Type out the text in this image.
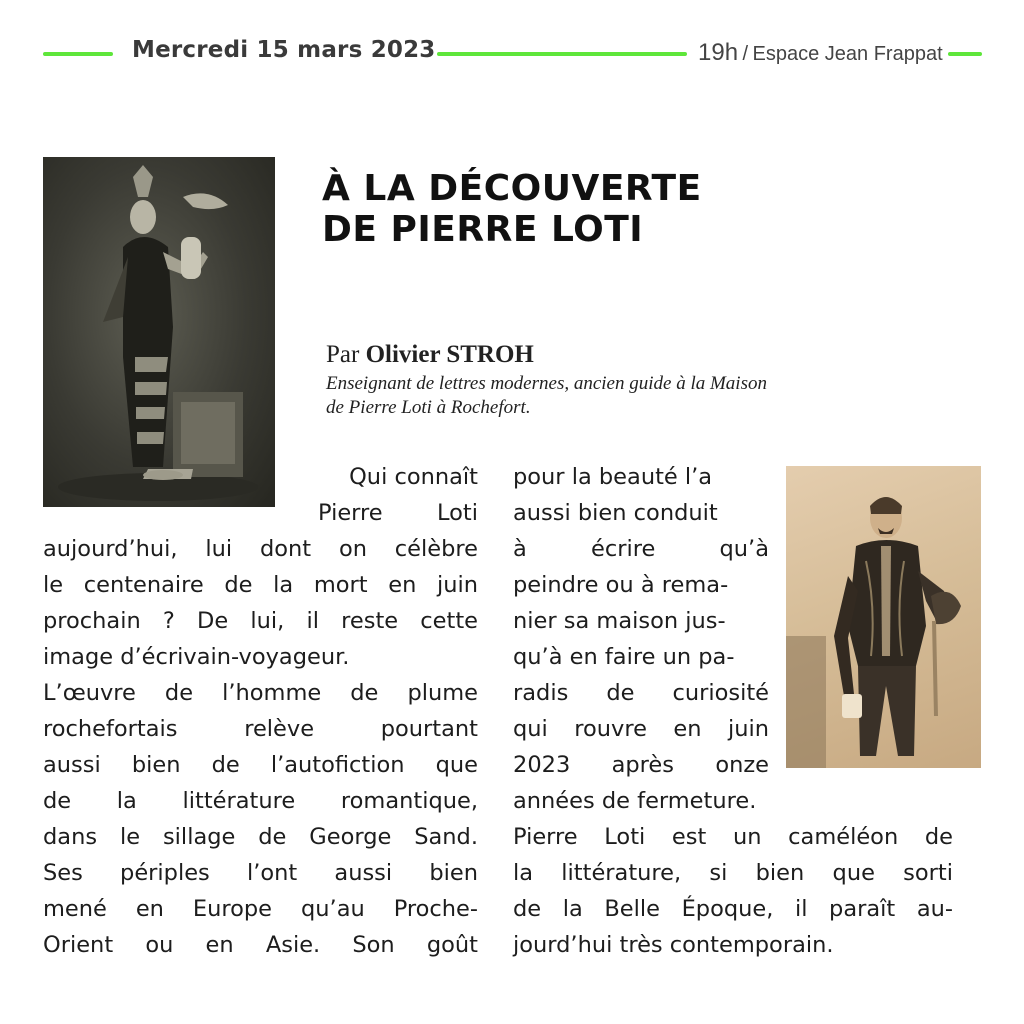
Mercredi 15 mars 2023	19h / Espace Jean Frappat
À LA DÉCOUVERTE
DE PIERRE LOTI
Par Olivier STROH
Enseignant de lettres modernes, ancien guide à la Maison
de Pierre Loti à Rochefort.
Qui connaît
Pierre Loti

aujourd’hui, lui dont on célèbre
le centenaire de la mort en juin
prochain ? De lui, il reste cette
image d’écrivain-voyageur.

L’œuvre de l’homme de plume
rochefortais relève pourtant
aussi bien de l’autofiction que
de la littérature romantique,
dans le sillage de George Sand.
Ses périples l’ont aussi bien
mené en Europe qu’au Proche-
Orient ou en Asie. Son goût

pour la beauté l’a
aussi bien conduit
à écrire qu’à
peindre ou à rema-
nier sa maison jus-
qu’à en faire un pa-
radis de curiosité
qui rouvre en juin
2023 après onze
années de fermeture.
Pierre Loti est un caméléon de
la littérature, si bien que sorti
de la Belle Époque, il paraît au-
jourd’hui très contemporain.
